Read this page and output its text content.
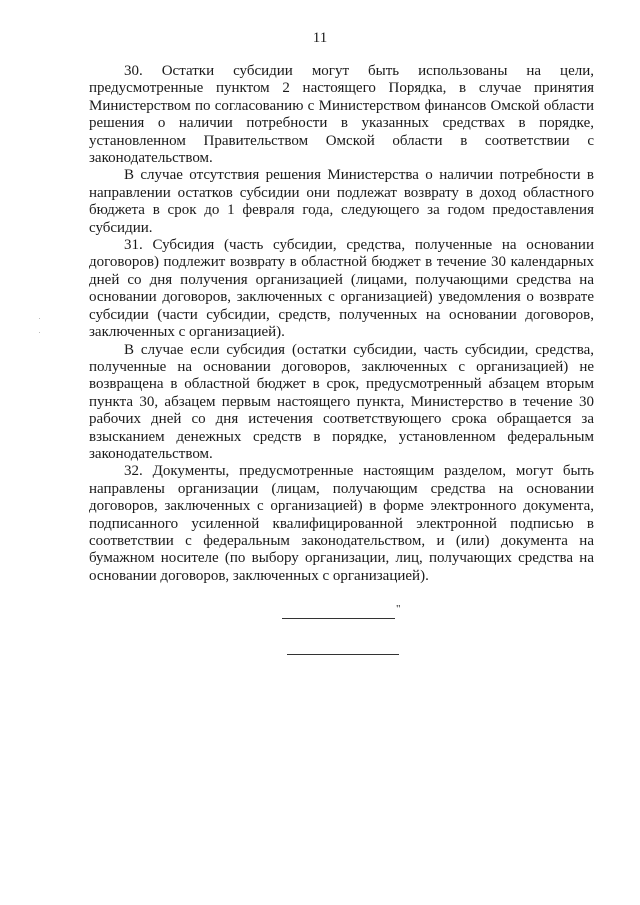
11

30. Остатки субсидии могут быть использованы на цели, предусмотренные пунктом 2 настоящего Порядка, в случае принятия Министерством по согласованию с Министерством финансов Омской области решения о наличии потребности в указанных средствах в порядке, установленном Правительством Омской области в соответствии с законодательством.

В случае отсутствия решения Министерства о наличии потребности в направлении остатков субсидии они подлежат возврату в доход областного бюджета в срок до 1 февраля года, следующего за годом предоставления субсидии.

31. Субсидия (часть субсидии, средства, полученные на основании договоров) подлежит возврату в областной бюджет в течение 30 календарных дней со дня получения организацией (лицами, получающими средства на основании договоров, заключенных с организацией) уведомления о возврате субсидии (части субсидии, средств, полученных на основании договоров, заключенных с организацией).

В случае если субсидия (остатки субсидии, часть субсидии, средства, полученные на основании договоров, заключенных с организацией) не возвращена в областной бюджет в срок, предусмотренный абзацем вторым пункта 30, абзацем первым настоящего пункта, Министерство в течение 30 рабочих дней со дня истечения соответствующего срока обращается за взысканием денежных средств в порядке, установленном федеральным законодательством.

32. Документы, предусмотренные настоящим разделом, могут быть направлены организации (лицам, получающим средства на основании договоров, заключенных с организацией) в форме электронного документа, подписанного усиленной квалифицированной электронной подписью в соответствии с федеральным законодательством, и (или) документа на бумажном носителе (по выбору организации, лиц, получающих средства на основании договоров, заключенных с организацией).

"
